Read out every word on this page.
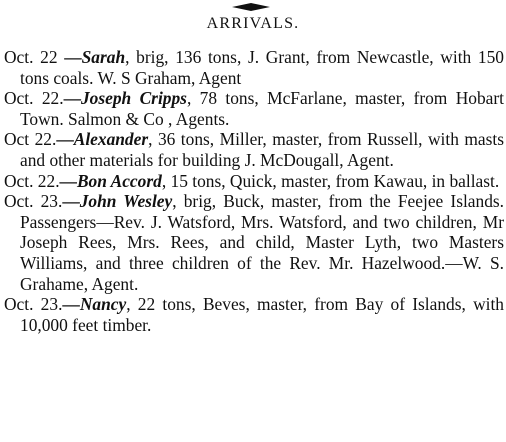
ARRIVALS.

Oct. 22 —Sarah, brig, 136 tons, J. Grant, from Newcastle, with 150 tons coals. W. S Graham, Agent

Oct. 22.—Joseph Cripps, 78 tons, McFarlane, master, from Hobart Town. Salmon & Co , Agents.

Oct 22.—Alexander, 36 tons, Miller, master, from Russell, with masts and other materials for building J. McDougall, Agent.

Oct. 22.—Bon Accord, 15 tons, Quick, master, from Kawau, in ballast.

Oct. 23.—John Wesley, brig, Buck, master, from the Feejee Islands. Passengers—Rev. J. Watsford, Mrs. Watsford, and two children, Mr Joseph Rees, Mrs. Rees, and child, Master Lyth, two Masters Williams, and three children of the Rev. Mr. Hazelwood.—W. S. Grahame, Agent.

Oct. 23.—Nancy, 22 tons, Beves, master, from Bay of Islands, with 10,000 feet timber.
